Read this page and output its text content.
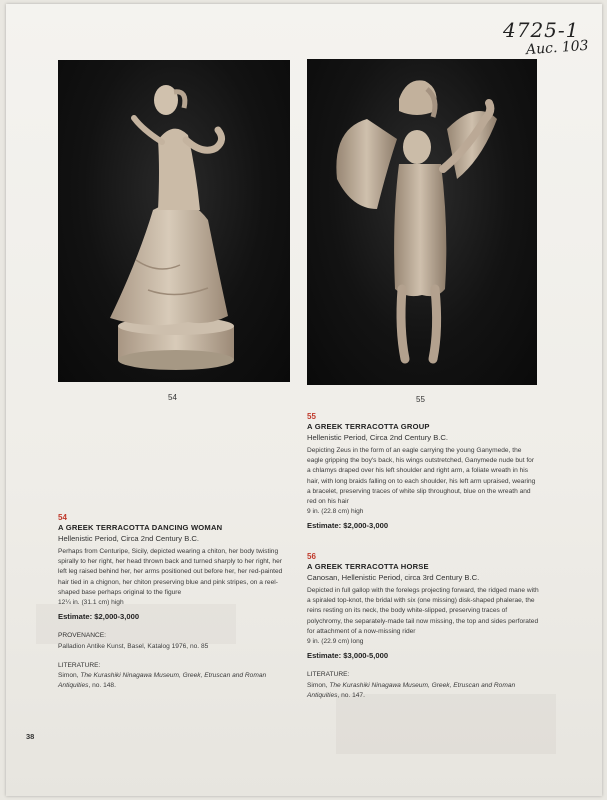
4725-1
Auc. 103
54	55
55
A GREEK TERRACOTTA GROUP
Hellenistic Period, Circa 2nd Century B.C.
Depicting Zeus in the form of an eagle carrying the young Ganymede, the eagle gripping the boy's back, his wings outstretched, Ganymede nude but for a chlamys draped over his left shoulder and right arm, a foliate wreath in his hair, with long braids falling on to each shoulder, his left arm upraised, wearing a bracelet, preserving traces of white slip throughout, blue on the wreath and red on his hair
9 in. (22.8 cm) high
Estimate: $2,000-3,000
56
A GREEK TERRACOTTA HORSE
Canosan, Hellenistic Period, circa 3rd Century B.C.
Depicted in full gallop with the forelegs projecting forward, the ridged mane with a spiraled top-knot, the bridal with six (one missing) disk-shaped phalerae, the reins resting on its neck, the body white-slipped, preserving traces of polychromy, the separately-made tail now missing, the top and sides perforated for attachment of a now-missing rider
9 in. (22.9 cm) long
Estimate: $3,000-5,000
LITERATURE:
Simon, The Kurashiki Ninagawa Museum, Greek, Etruscan and Roman Antiquities, no. 147.
54
A GREEK TERRACOTTA DANCING WOMAN
Hellenistic Period, Circa 2nd Century B.C.
Perhaps from Centuripe, Sicily, depicted wearing a chiton, her body twisting spirally to her right, her head thrown back and turned sharply to her right, her left leg raised behind her, her arms positioned out before her, her red-painted hair tied in a chignon, her chiton preserving blue and pink stripes, on a reel-shaped base perhaps original to the figure
12¼ in. (31.1 cm) high
Estimate: $2,000-3,000
PROVENANCE:
Palladion Antike Kunst, Basel, Katalog 1976, no. 85
LITERATURE:
Simon, The Kurashiki Ninagawa Museum, Greek, Etruscan and Roman Antiquities, no. 148.
38
